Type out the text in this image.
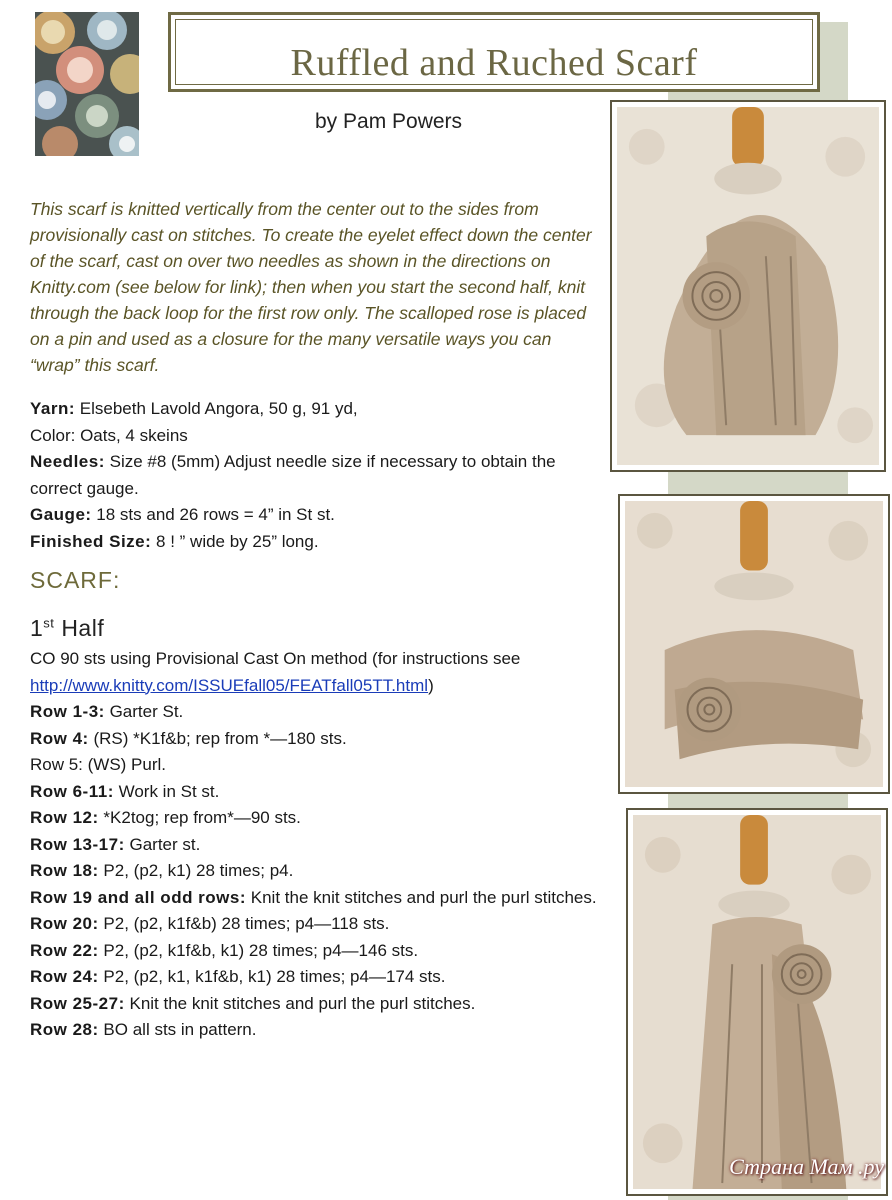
Ruffled and Ruched Scarf
by Pam Powers
This scarf is knitted vertically from the center out to the sides from provisionally cast on stitches. To create the eyelet effect down the center of the scarf, cast on over two needles as shown in the directions on Knitty.com (see below for link); then when you start the second half, knit through the back loop for the first row only. The scalloped rose is placed on a pin and used as a closure for the many versatile ways you can “wrap” this scarf.
Yarn: Elsebeth Lavold Angora, 50 g, 91 yd,
Color: Oats, 4 skeins
Needles: Size #8 (5mm) Adjust needle size if necessary to obtain the correct gauge.
Gauge: 18 sts and 26 rows = 4” in St st.
Finished Size: 8 ! ” wide by 25” long.
SCARF:
1st Half

CO 90 sts using Provisional Cast On method (for instructions see
http://www.knitty.com/ISSUEfall05/FEATfall05TT.html)

Row 1-3: Garter St.

Row 4: (RS) *K1f&b; rep from *—180 sts.

Row 5: (WS) Purl.

Row 6-11: Work in St st.

Row 12: *K2tog; rep from*—90 sts.

Row 13-17: Garter st.

Row 18: P2, (p2, k1) 28 times; p4.

Row 19 and all odd rows: Knit the knit stitches and purl the purl stitches.

Row 20: P2, (p2, k1f&b) 28 times; p4—118 sts.

Row 22: P2, (p2, k1f&b, k1) 28 times; p4—146 sts.

Row 24: P2, (p2, k1, k1f&b, k1) 28 times; p4—174 sts.

Row 25-27: Knit the knit stitches and purl the purl stitches.

Row 28: BO all sts in pattern.

Страна Мам .ру
